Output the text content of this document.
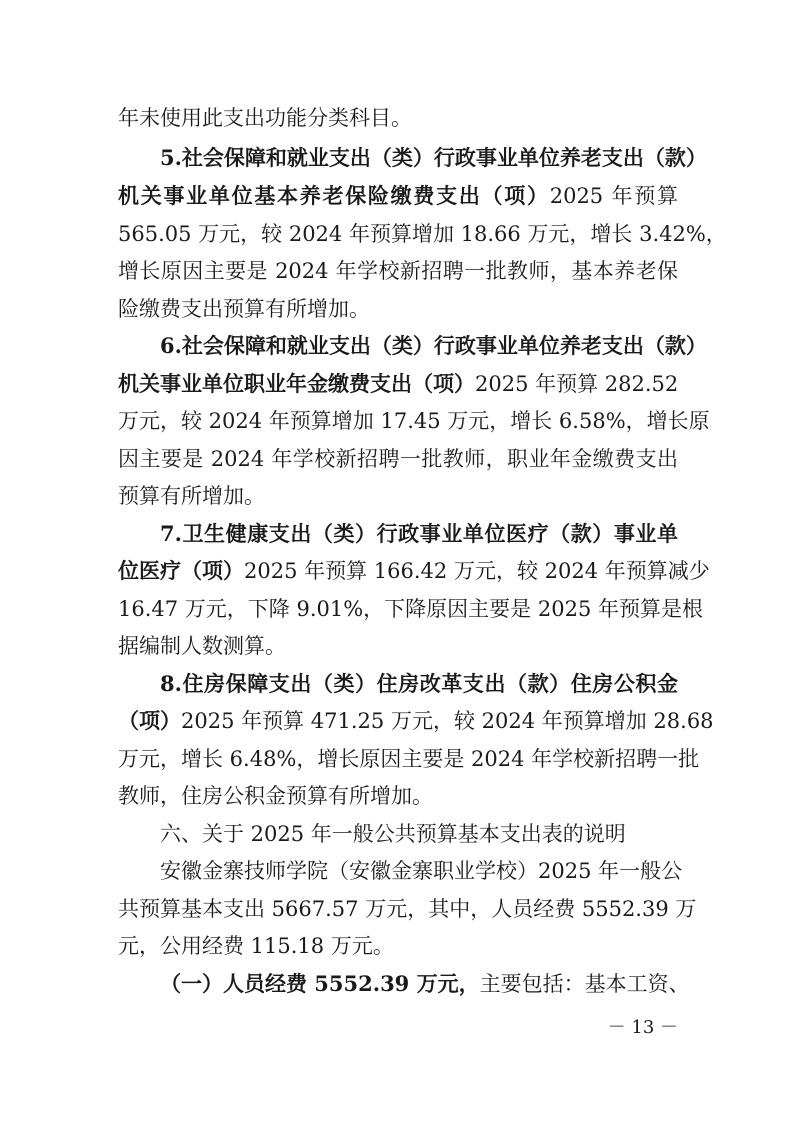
年未使用此支出功能分类科目。
5.社会保障和就业支出（类）行政事业单位养老支出（款）
机关事业单位基本养老保险缴费支出（项）2025 年预算
565.05 万元，较 2024 年预算增加 18.66 万元，增长 3.42%，
增长原因主要是 2024 年学校新招聘一批教师，基本养老保
险缴费支出预算有所增加。
6.社会保障和就业支出（类）行政事业单位养老支出（款）
机关事业单位职业年金缴费支出（项）2025 年预算 282.52
万元，较 2024 年预算增加 17.45 万元，增长 6.58%，增长原
因主要是 2024 年学校新招聘一批教师，职业年金缴费支出
预算有所增加。
7.卫生健康支出（类）行政事业单位医疗（款）事业单
位医疗（项）2025 年预算 166.42 万元，较 2024 年预算减少
16.47 万元，下降 9.01%，下降原因主要是 2025 年预算是根
据编制人数测算。
8.住房保障支出（类）住房改革支出（款）住房公积金
（项）2025 年预算 471.25 万元，较 2024 年预算增加 28.68
万元，增长 6.48%，增长原因主要是 2024 年学校新招聘一批
教师，住房公积金预算有所增加。
六、关于 2025 年一般公共预算基本支出表的说明
安徽金寨技师学院（安徽金寨职业学校）2025 年一般公
共预算基本支出 5667.57 万元，其中，人员经费 5552.39 万
元，公用经费 115.18 万元。
（一）人员经费 5552.39 万元，主要包括：基本工资、
－ 13 －
